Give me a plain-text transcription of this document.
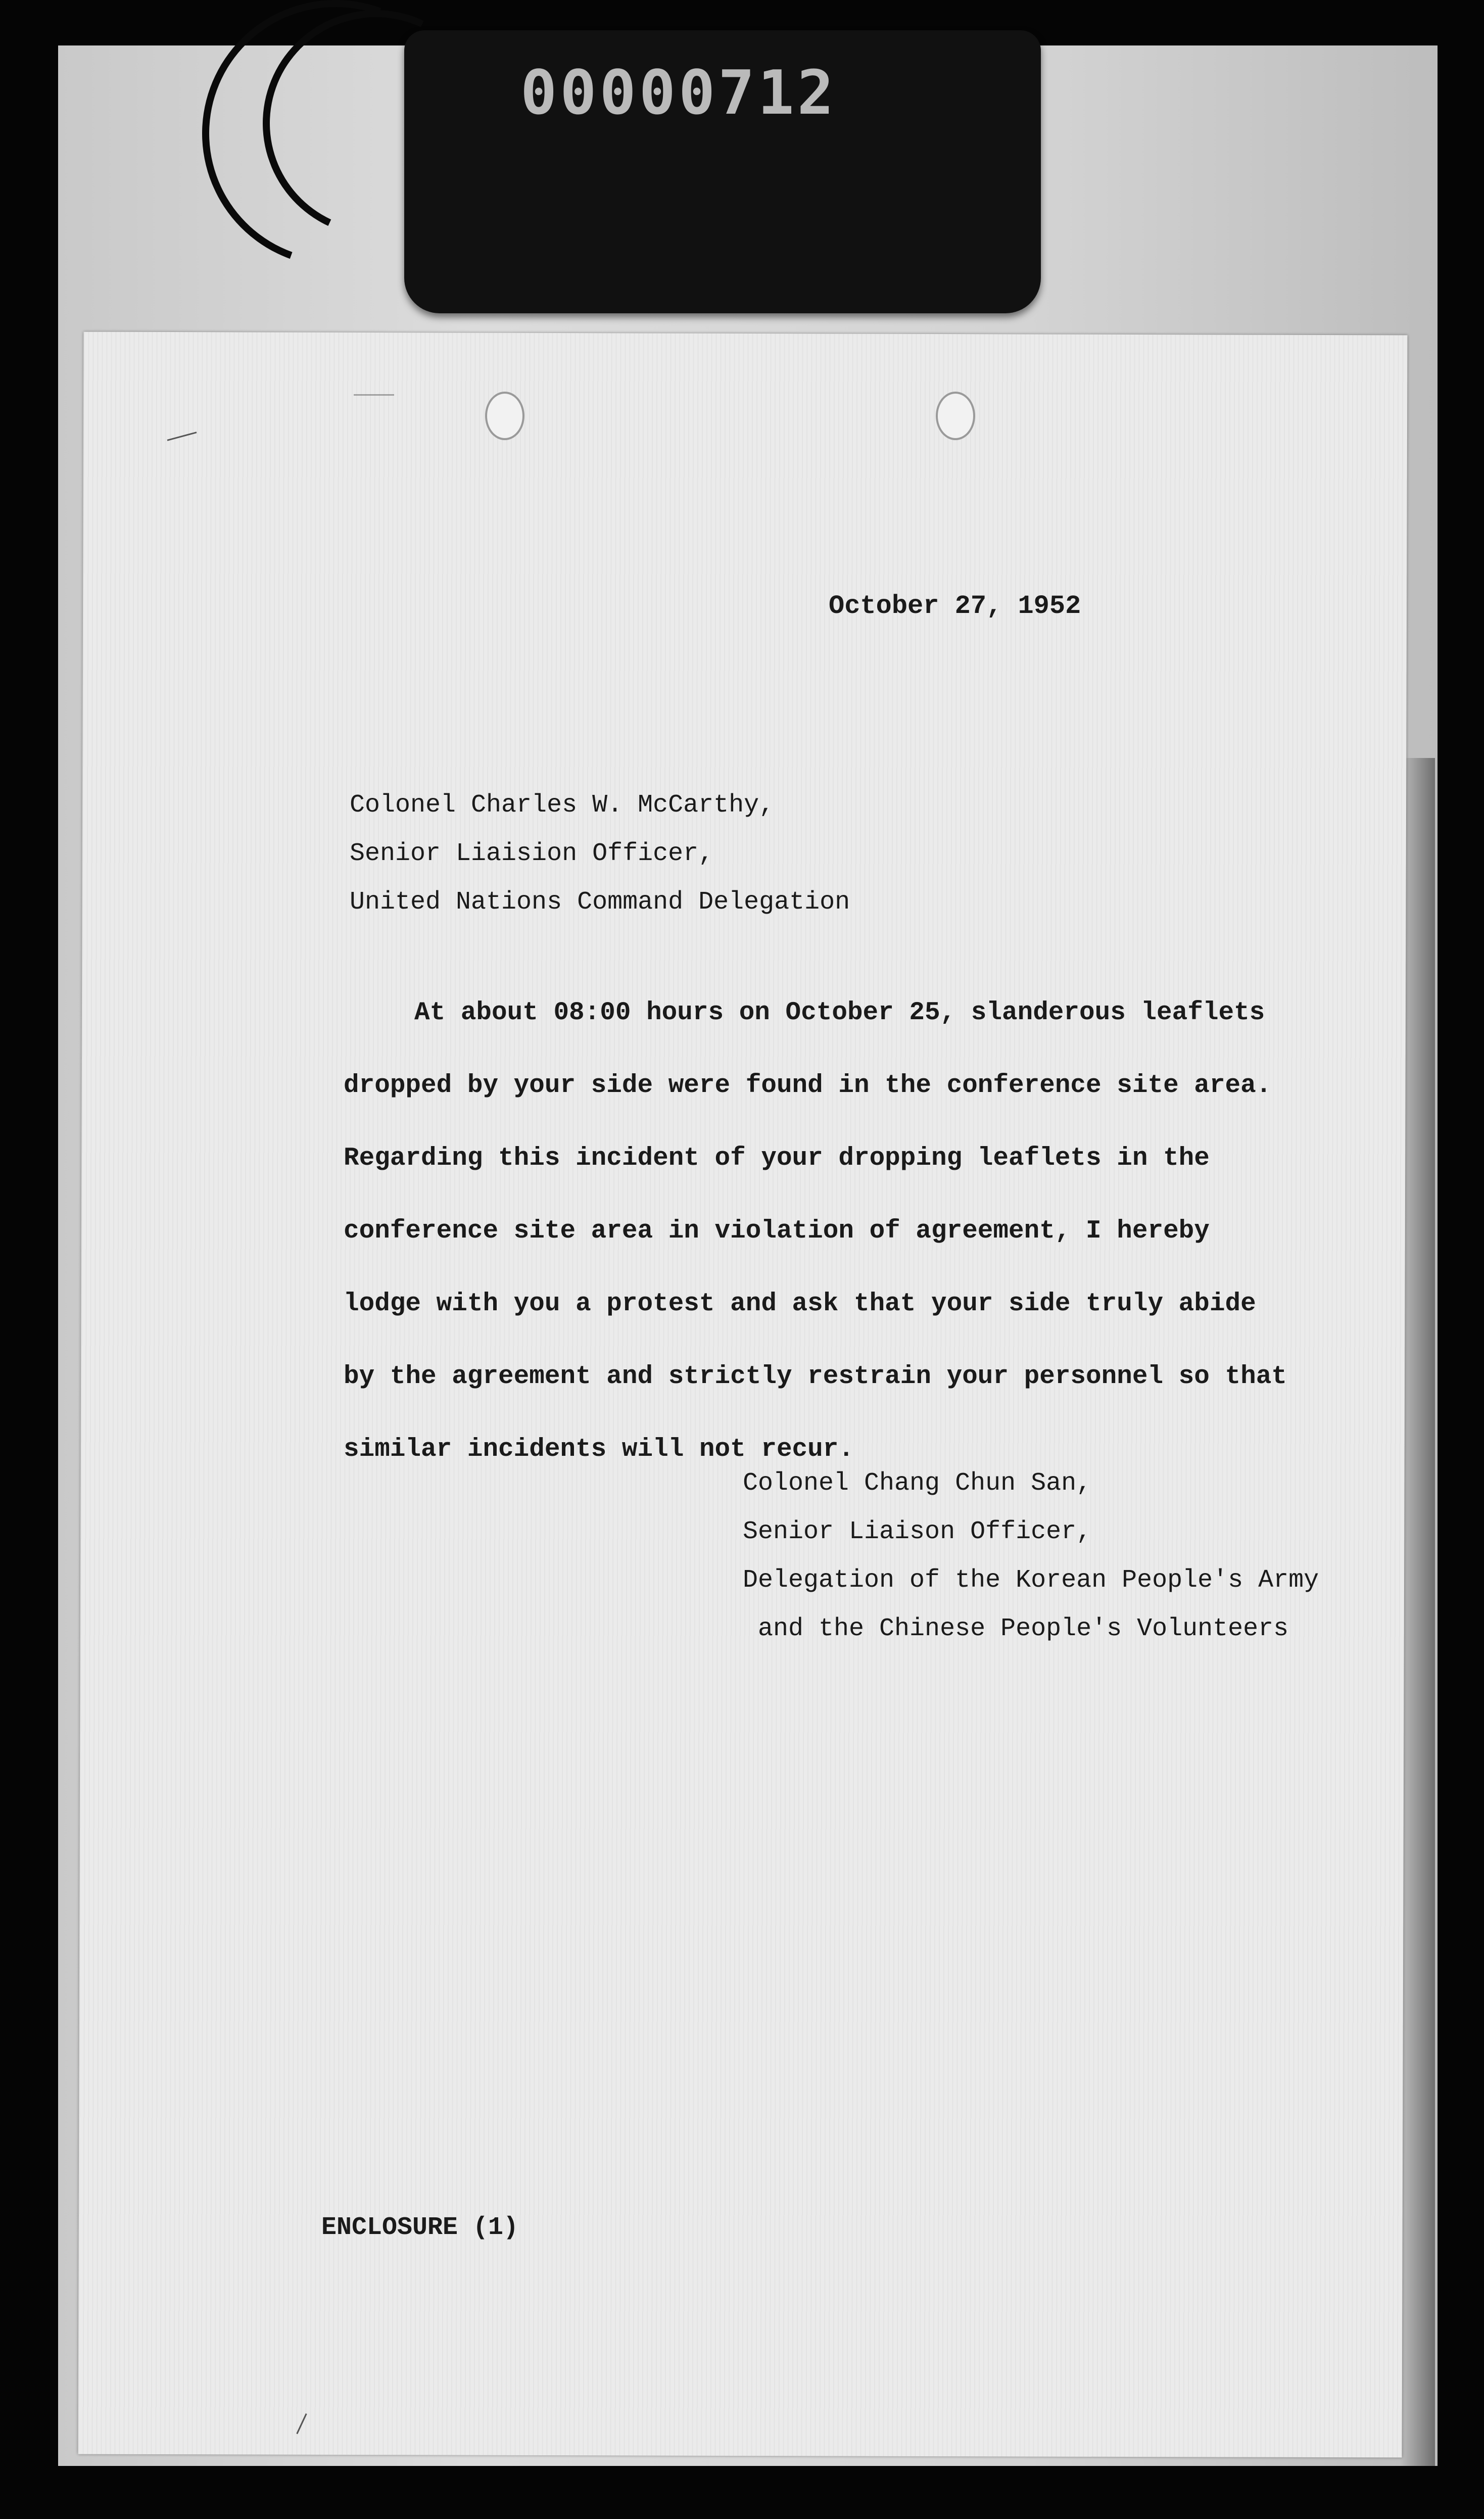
00000712
October 27, 1952

Colonel Charles W. McCarthy,

Senior Liaision Officer,

United Nations Command Delegation

At about 08:00 hours on October 25, slanderous leaflets

dropped by your side were found in the conference site area.

Regarding this incident of your dropping leaflets in the

conference site area in violation of agreement, I hereby

lodge with you a protest and ask that your side truly abide

by the agreement and strictly restrain your personnel so that

similar incidents will not recur.

Colonel Chang Chun San,

Senior Liaison Officer,

Delegation of the Korean People's Army

and the Chinese People's Volunteers

ENCLOSURE (1)
